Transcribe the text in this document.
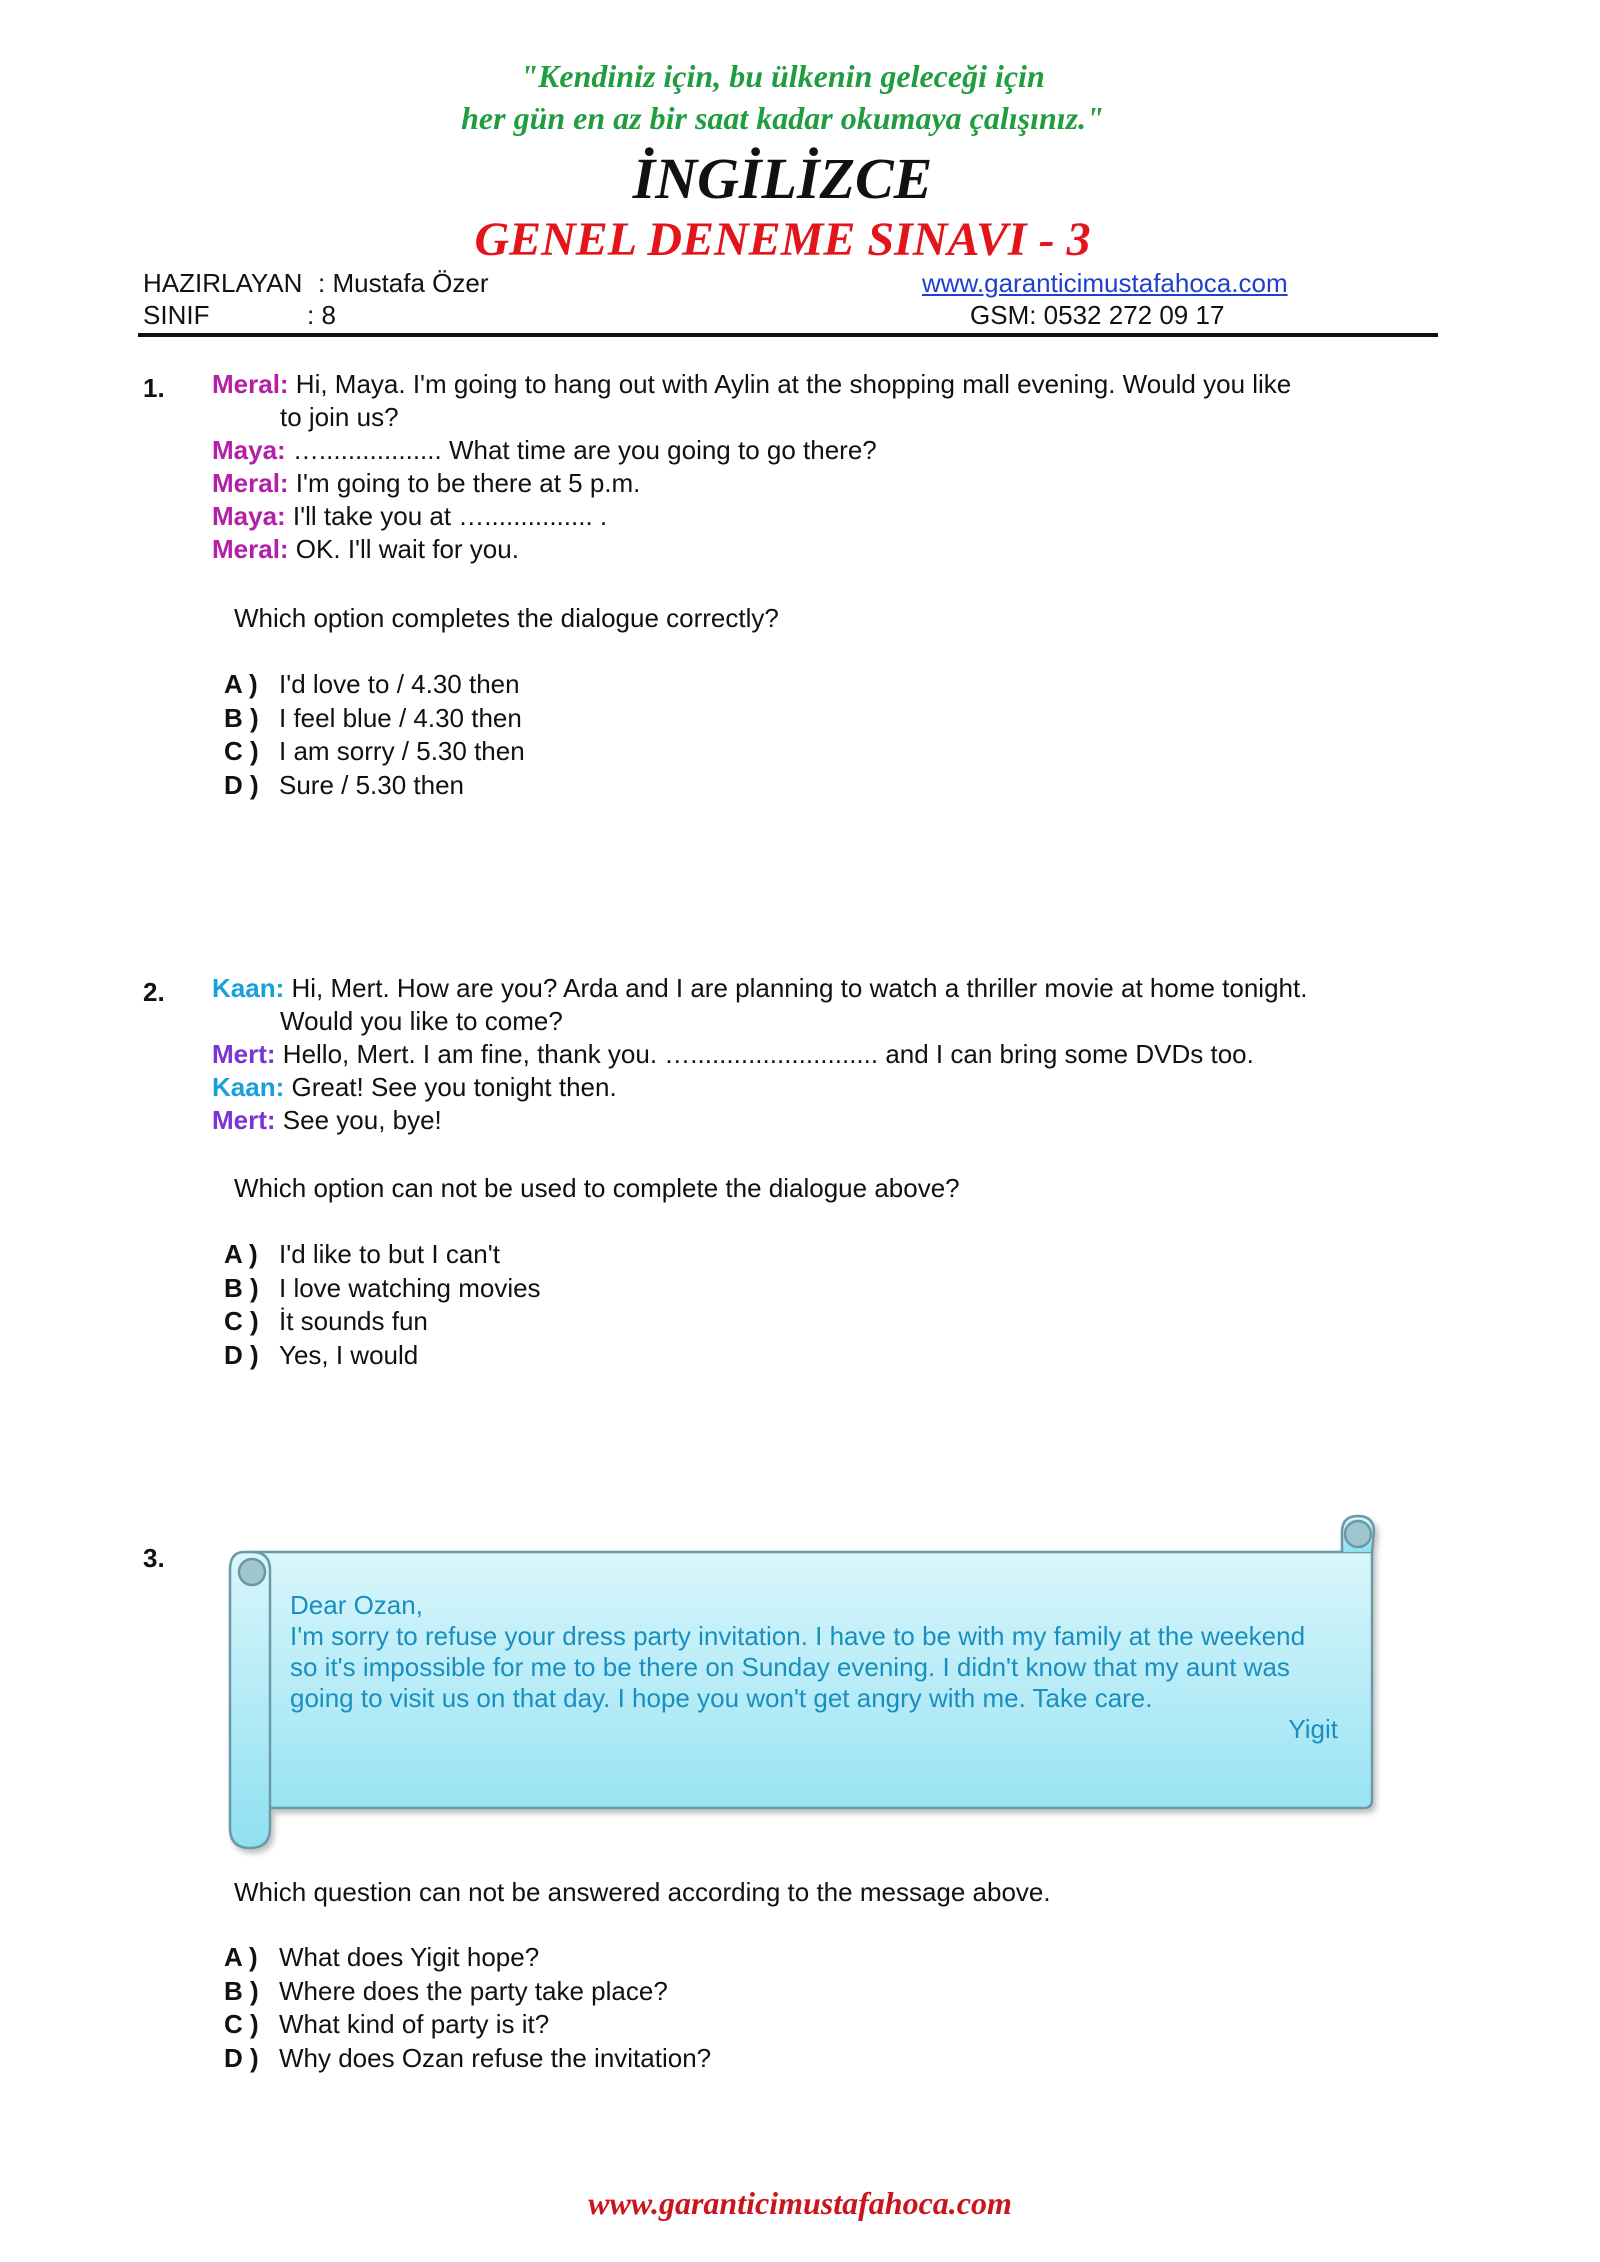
"Kendiniz için, bu ülkenin geleceği için
her gün en az bir saat kadar okumaya çalışınız."
İNGİLİZCE
GENEL DENEME SINAVI - 3
HAZIRLAYAN : Mustafa Özer
SINIF	: 8
www.garanticimustafahoca.com
GSM: 0532 272 09 17
1. Meral: Hi, Maya. I'm going to hang out with Aylin at the shopping mall evening. Would you like
to join us?
Maya: …................. What time are you going to go there?
Meral: I'm going to be there at 5 p.m.
Maya: I'll take you at …............... .
Meral: OK. I'll wait for you.
Which option completes the dialogue correctly?
A ) I'd love to / 4.30 then
B ) I feel blue / 4.30 then
C ) I am sorry / 5.30 then
D ) Sure / 5.30 then
2. Kaan: Hi, Mert. How are you? Arda and I are planning to watch a thriller movie at home tonight.
Would you like to come?
Mert: Hello, Mert. I am fine, thank you. ….......................... and I can bring some DVDs too.
Kaan: Great! See you tonight then.
Mert: See you, bye!
Which option can not be used to complete the dialogue above?
A ) I'd like to but I can't
B ) I love watching movies
C ) İt sounds fun
D ) Yes, I would
3.
Dear Ozan,
I'm sorry to refuse your dress party invitation. I have to be with my family at the weekend
so it's impossible for me to be there on Sunday evening. I didn't know that my aunt was
going to visit us on that day. I hope you won't get angry with me. Take care.
Yigit
Which question can not be answered according to the message above.
A ) What does Yigit hope?
B ) Where does the party take place?
C ) What kind of party is it?
D ) Why does Ozan refuse the invitation?
www.garanticimustafahoca.com
